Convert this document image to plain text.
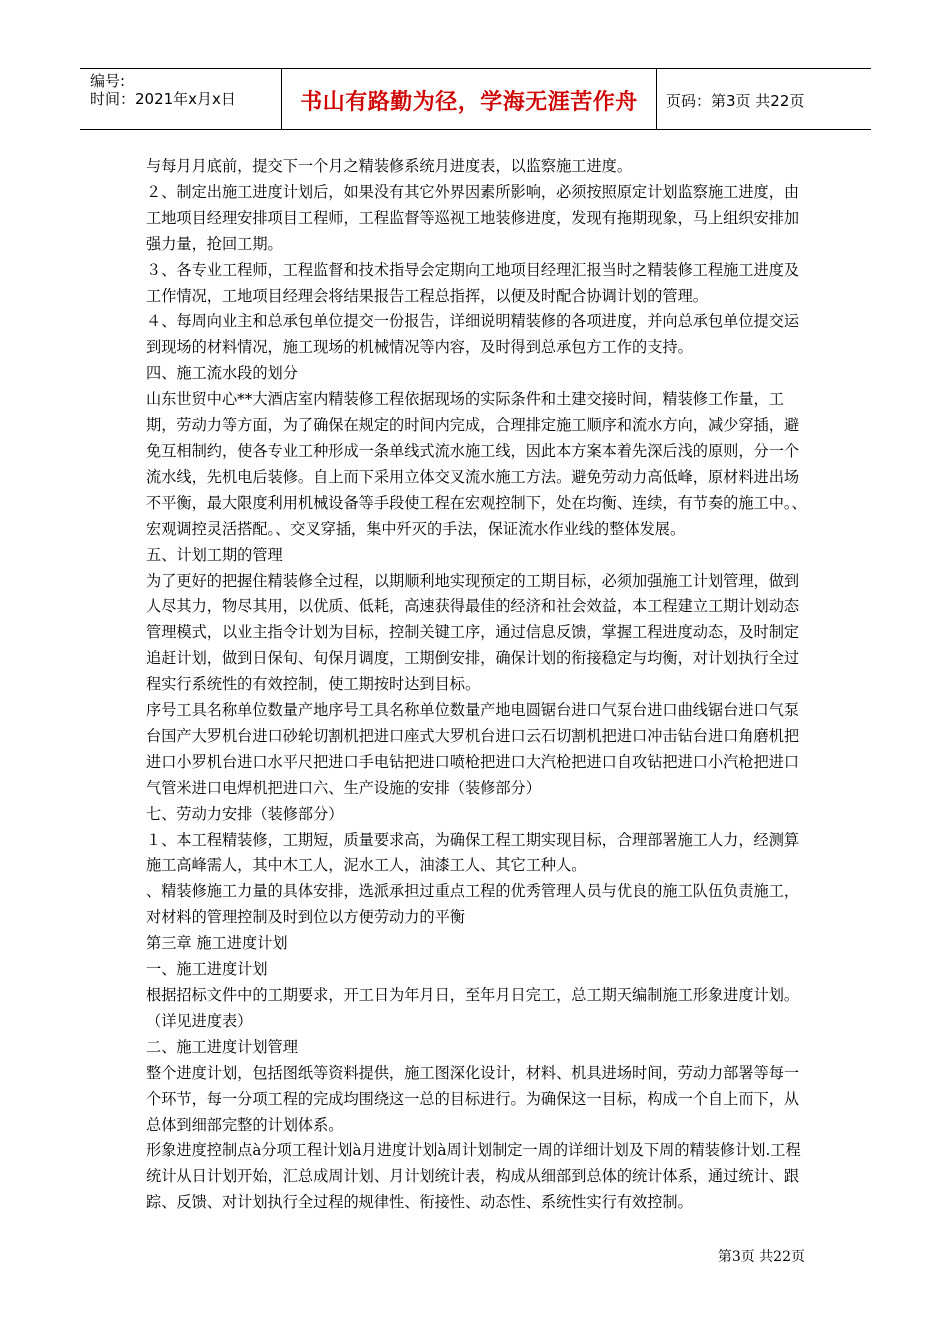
编号:
时间：2021年x月x日	书山有路勤为径，学海无涯苦作舟	页码：第3页 共22页

与每月月底前，提交下一个月之精装修系统月进度表，以监察施工进度。

２、制定出施工进度计划后，如果没有其它外界因素所影响，必须按照原定计划监察施工进度，由工地项目经理安排项目工程师，工程监督等巡视工地装修进度，发现有拖期现象，马上组织安排加强力量，抢回工期。

３、各专业工程师，工程监督和技术指导会定期向工地项目经理汇报当时之精装修工程施工进度及工作情况，工地项目经理会将结果报告工程总指挥，以便及时配合协调计划的管理。

４、每周向业主和总承包单位提交一份报告，详细说明精装修的各项进度，并向总承包单位提交运到现场的材料情况，施工现场的机械情况等内容，及时得到总承包方工作的支持。

四、施工流水段的划分

山东世贸中心**大酒店室内精装修工程依据现场的实际条件和土建交接时间，精装修工作量，工期，劳动力等方面，为了确保在规定的时间内完成，合理排定施工顺序和流水方向，减少穿插，避免互相制约，使各专业工种形成一条单线式流水施工线，因此本方案本着先深后浅的原则，分一个流水线，先机电后装修。自上而下采用立体交叉流水施工方法。避免劳动力高低峰，原材料进出场不平衡，最大限度利用机械设备等手段使工程在宏观控制下，处在均衡、连续，有节奏的施工中。、宏观调控灵活搭配。、交叉穿插，集中歼灭的手法，保证流水作业线的整体发展。

五、计划工期的管理

为了更好的把握住精装修全过程，以期顺利地实现预定的工期目标，必须加强施工计划管理，做到人尽其力，物尽其用，以优质、低耗，高速获得最佳的经济和社会效益，本工程建立工期计划动态管理模式，以业主指令计划为目标，控制关键工序，通过信息反馈，掌握工程进度动态，及时制定追赶计划，做到日保旬、旬保月调度，工期倒安排，确保计划的衔接稳定与均衡，对计划执行全过程实行系统性的有效控制，使工期按时达到目标。

序号工具名称单位数量产地序号工具名称单位数量产地电圆锯台进口气泵台进口曲线锯台进口气泵台国产大罗机台进口砂轮切割机把进口座式大罗机台进口云石切割机把进口冲击钻台进口角磨机把进口小罗机台进口水平尺把进口手电钻把进口喷枪把进口大汽枪把进口自攻钻把进口小汽枪把进口气管米进口电焊机把进口六、生产设施的安排（装修部分）

七、劳动力安排（装修部分）

１、本工程精装修，工期短，质量要求高，为确保工程工期实现目标，合理部署施工人力，经测算施工高峰需人，其中木工人，泥水工人，油漆工人、其它工种人。

、精装修施工力量的具体安排，选派承担过重点工程的优秀管理人员与优良的施工队伍负责施工，对材料的管理控制及时到位以方便劳动力的平衡

第三章 施工进度计划

一、施工进度计划

根据招标文件中的工期要求，开工日为年月日，至年月日完工，总工期天编制施工形象进度计划。（详见进度表）

二、施工进度计划管理

整个进度计划，包括图纸等资料提供，施工图深化设计，材料、机具进场时间，劳动力部署等每一个环节，每一分项工程的完成均围绕这一总的目标进行。为确保这一目标，构成一个自上而下，从总体到细部完整的计划体系。

形象进度控制点à分项工程计划à月进度计划à周计划制定一周的详细计划及下周的精装修计划.工程统计从日计划开始，汇总成周计划、月计划统计表，构成从细部到总体的统计体系，通过统计、跟踪、反馈、对计划执行全过程的规律性、衔接性、动态性、系统性实行有效控制。

第3页 共22页
